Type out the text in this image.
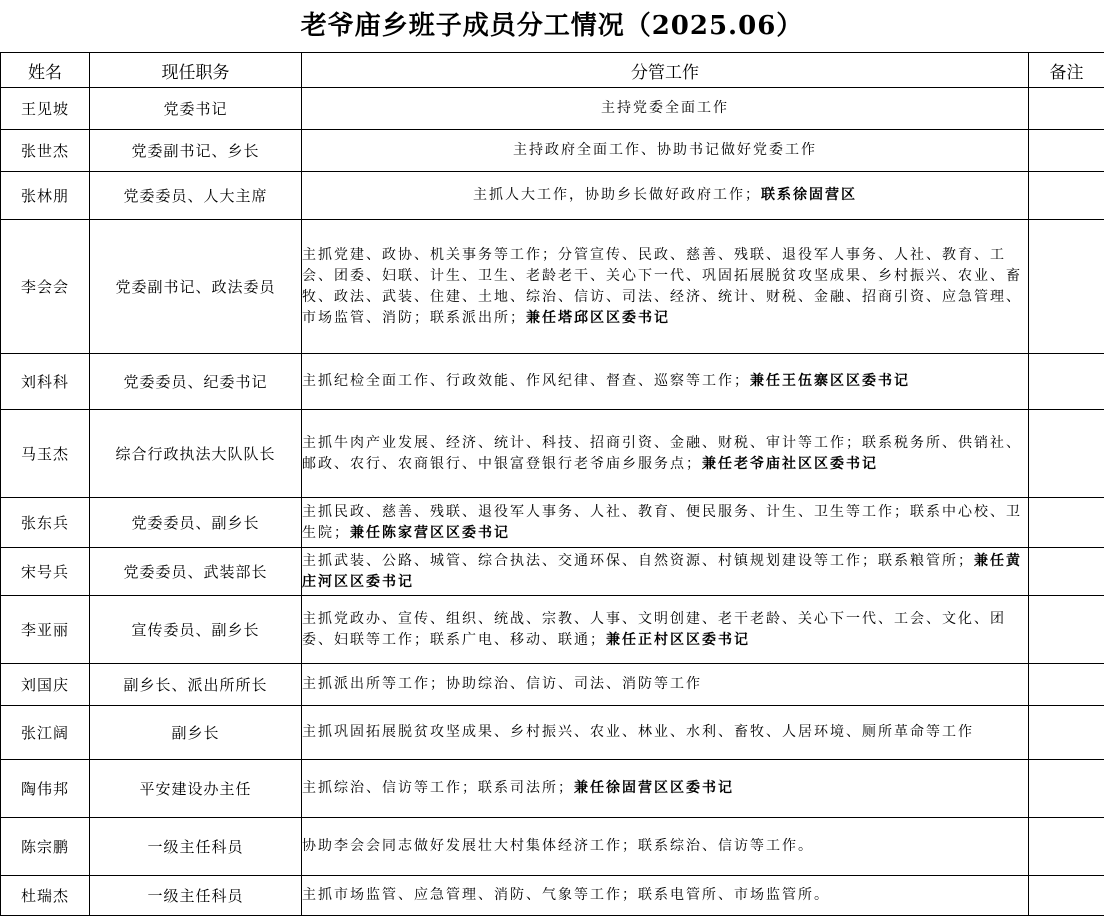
老爷庙乡班子成员分工情况（2025.06）
姓名	现任职务	分管工作	备注
王见坡	党委书记	主持党委全面工作	
张世杰	党委副书记、乡长	主持政府全面工作、协助书记做好党委工作	
张林朋	党委委员、人大主席	主抓人大工作，协助乡长做好政府工作；联系徐固营区	
李会会	党委副书记、政法委员	主抓党建、政协、机关事务等工作；分管宣传、民政、慈善、残联、退役军人事务、人社、教育、工会、团委、妇联、计生、卫生、老龄老干、关心下一代、巩固拓展脱贫攻坚成果、乡村振兴、农业、畜牧、政法、武装、住建、土地、综治、信访、司法、经济、统计、财税、金融、招商引资、应急管理、市场监管、消防；联系派出所；兼任塔邱区区委书记	
刘科科	党委委员、纪委书记	主抓纪检全面工作、行政效能、作风纪律、督查、巡察等工作；兼任王伍寨区区委书记	
马玉杰	综合行政执法大队队长	主抓牛肉产业发展、经济、统计、科技、招商引资、金融、财税、审计等工作；联系税务所、供销社、邮政、农行、农商银行、中银富登银行老爷庙乡服务点；兼任老爷庙社区区委书记	
张东兵	党委委员、副乡长	主抓民政、慈善、残联、退役军人事务、人社、教育、便民服务、计生、卫生等工作；联系中心校、卫生院；兼任陈家营区区委书记	
宋号兵	党委委员、武装部长	主抓武装、公路、城管、综合执法、交通环保、自然资源、村镇规划建设等工作；联系粮管所；兼任黄庄河区区委书记	
李亚丽	宣传委员、副乡长	主抓党政办、宣传、组织、统战、宗教、人事、文明创建、老干老龄、关心下一代、工会、文化、团委、妇联等工作；联系广电、移动、联通；兼任正村区区委书记	
刘国庆	副乡长、派出所所长	主抓派出所等工作；协助综治、信访、司法、消防等工作	
张江阔	副乡长	主抓巩固拓展脱贫攻坚成果、乡村振兴、农业、林业、水利、畜牧、人居环境、厕所革命等工作	
陶伟邦	平安建设办主任	主抓综治、信访等工作；联系司法所；兼任徐固营区区委书记	
陈宗鹏	一级主任科员	协助李会会同志做好发展壮大村集体经济工作；联系综治、信访等工作。	
杜瑞杰	一级主任科员	主抓市场监管、应急管理、消防、气象等工作；联系电管所、市场监管所。	
